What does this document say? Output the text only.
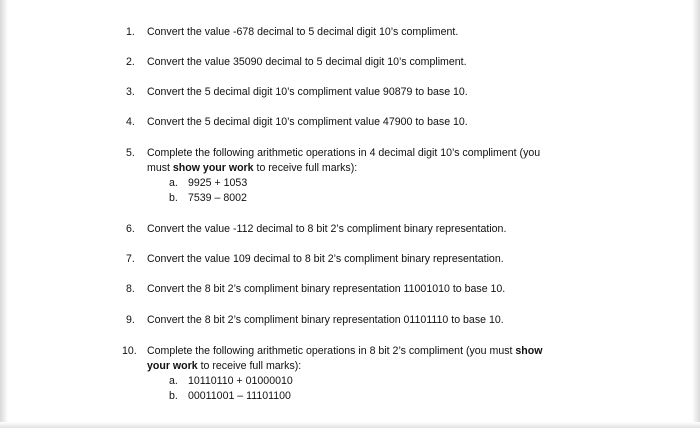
1. Convert the value -678 decimal to 5 decimal digit 10’s compliment.
2. Convert the value 35090 decimal to 5 decimal digit 10’s compliment.
3. Convert the 5 decimal digit 10’s compliment value 90879 to base 10.
4. Convert the 5 decimal digit 10’s compliment value 47900 to base 10.
5. Complete the following arithmetic operations in 4 decimal digit 10’s compliment (you
must show your work to receive full marks):
a. 9925 + 1053
b. 7539 – 8002
6. Convert the value -112 decimal to 8 bit 2’s compliment binary representation.
7. Convert the value 109 decimal to 8 bit 2’s compliment binary representation.
8. Convert the 8 bit 2’s compliment binary representation 11001010 to base 10.
9. Convert the 8 bit 2’s compliment binary representation 01101110 to base 10.
10. Complete the following arithmetic operations in 8 bit 2’s compliment (you must show
your work to receive full marks):
a. 10110110 + 01000010
b. 00011001 – 11101100
